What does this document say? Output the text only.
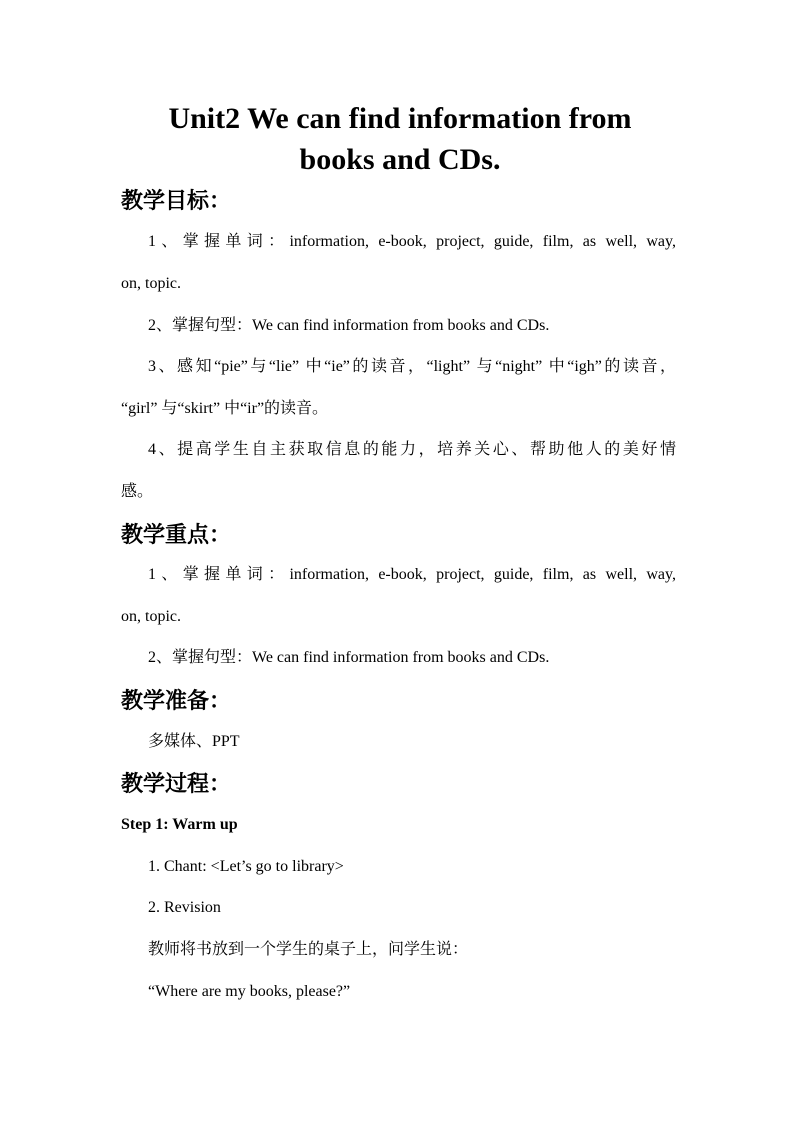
Unit2 We can find information from
books and CDs.
教学目标：
1、掌握单词：information, e-book, project, guide, film, as well, way,
on, topic.
2、掌握句型：We can find information from books and CDs.
3、感知“pie”与“lie” 中“ie”的读音，“light” 与“night” 中“igh”的读音，
“girl” 与“skirt” 中“ir”的读音。
4、提高学生自主获取信息的能力，培养关心、帮助他人的美好情
感。
教学重点：
1、掌握单词：information, e-book, project, guide, film, as well, way,
on, topic.
2、掌握句型：We can find information from books and CDs.
教学准备：
多媒体、PPT
教学过程：
Step 1: Warm up
1. Chant: <Let’s go to library>
2. Revision
教师将书放到一个学生的桌子上，问学生说：
“Where are my books, please?”
